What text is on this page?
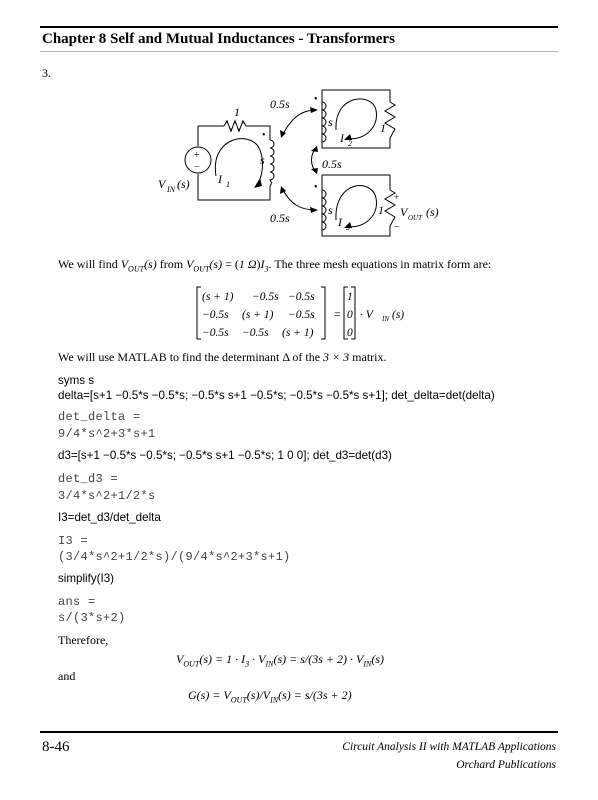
Chapter 8 Self and Mutual Inductances - Transformers
3.
+
−
•
•
•
1
0.5s
s
s	1
I 2
0.5s
I 1
V IN (s)
0.5s
s	1
I 3
+
−
V OUT (s)
We will find $V_{OUT}(s)$ from $V_{OUT}(s) = (1$ $\Omega)I_3$. The three mesh equations in matrix form are:
(s + 1) −0.5s −0.5s
−0.5s (s + 1) −0.5s
−0.5s −0.5s (s + 1)
=
1
0
0
· V IN (s)
We will use MATLAB to find the determinant Δ of the 3 × 3 matrix.
syms s
delta=[s+1 −0.5*s −0.5*s; −0.5*s s+1 −0.5*s; −0.5*s −0.5*s s+1]; det_delta=det(delta)
det_delta =
9/4*s^2+3*s+1
d3=[s+1 −0.5*s −0.5*s; −0.5*s s+1 −0.5*s; 1 0 0]; det_d3=det(d3)
det_d3 =
3/4*s^2+1/2*s
I3=det_d3/det_delta
I3 =
(3/4*s^2+1/2*s)/(9/4*s^2+3*s+1)
simplify(I3)
ans =
s/(3*s+2)
Therefore,
$V_{OUT}(s) = 1 \cdot I_3 \cdot V_{IN}(s) = s/(3s + 2) \cdot V_{IN}(s)$
and
$G(s) = V_{OUT}(s)/V_{IN}(s) = s/(3s + 2)$
8-46	Circuit Analysis II with MATLAB Applications
Orchard Publications
